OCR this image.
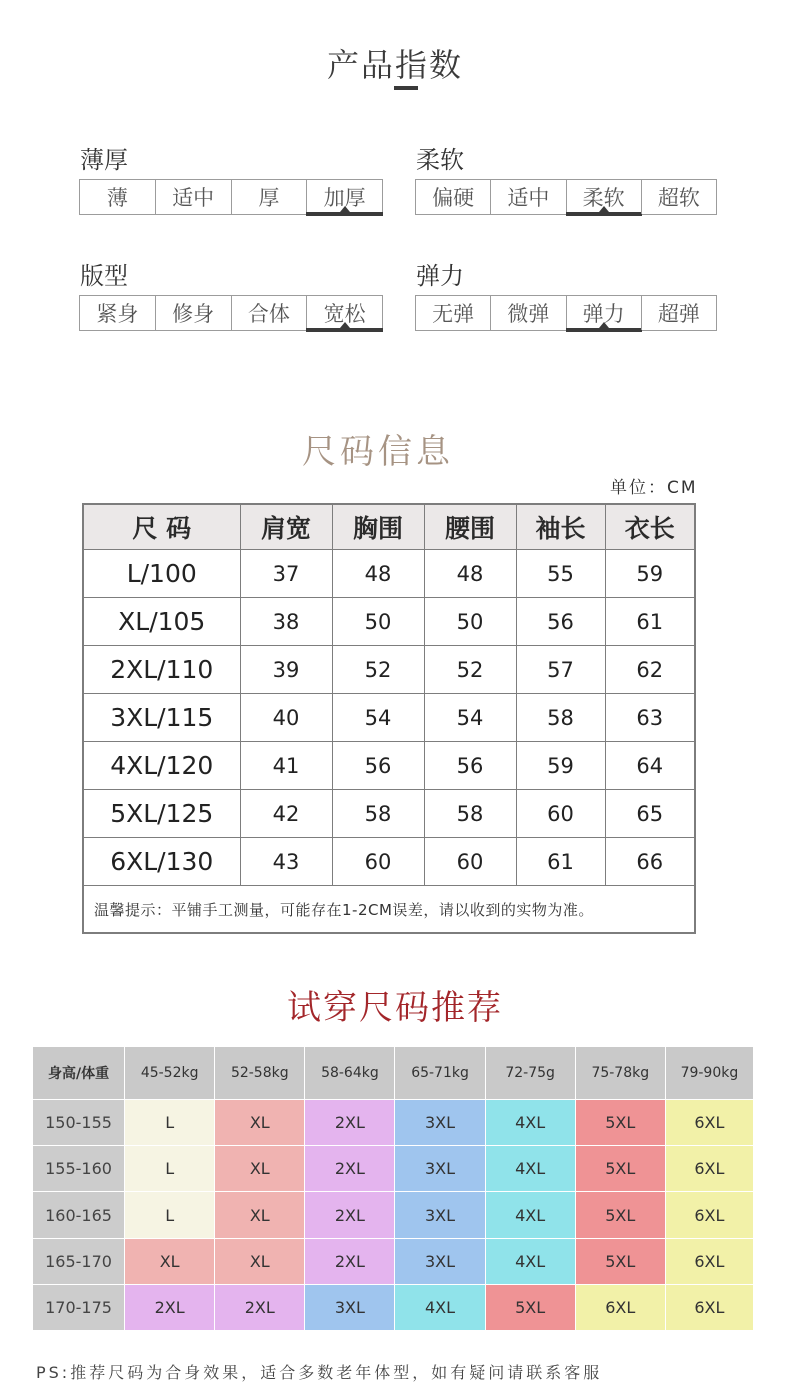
产品指数
薄厚
薄	适中	厚	加厚
柔软
偏硬	适中	柔软	超软
版型
紧身	修身	合体	宽松
弹力
无弹	微弹	弹力	超弹
尺码信息
单位：CM
尺 码	肩宽	胸围	腰围	袖长	衣长
L/100	37	48	48	55	59
XL/105	38	50	50	56	61
2XL/110	39	52	52	57	62
3XL/115	40	54	54	58	63
4XL/120	41	56	56	59	64
5XL/125	42	58	58	60	65
6XL/130	43	60	60	61	66
温馨提示：平铺手工测量，可能存在1-2CM误差，请以收到的实物为准。					
试穿尺码推荐
身高/体重	45-52kg	52-58kg	58-64kg	65-71kg	72-75g	75-78kg	79-90kg
150-155	L	XL	2XL	3XL	4XL	5XL	6XL
155-160	L	XL	2XL	3XL	4XL	5XL	6XL
160-165	L	XL	2XL	3XL	4XL	5XL	6XL
165-170	XL	XL	2XL	3XL	4XL	5XL	6XL
170-175	2XL	2XL	3XL	4XL	5XL	6XL	6XL
PS:推荐尺码为合身效果，适合多数老年体型，如有疑问请联系客服
